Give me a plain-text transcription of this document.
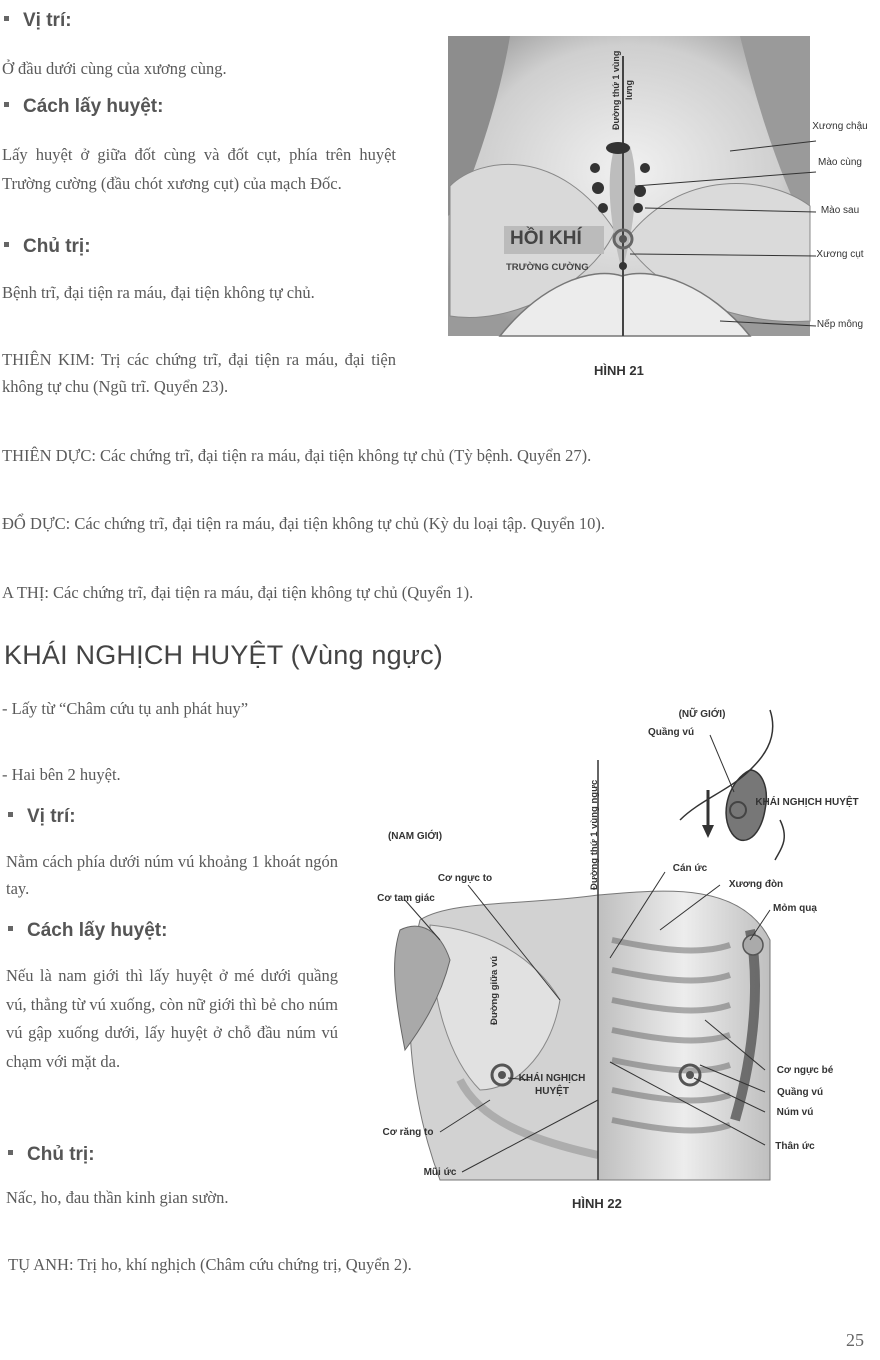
Vị trí:
Ở đầu dưới cùng của xương cùng.
Cách lấy huyệt:
Lấy huyệt ở giữa đốt cùng và đốt cụt, phía trên huyệt Trường cường (đầu chót xương cụt) của mạch Đốc.
Chủ trị:
Bệnh trĩ, đại tiện ra máu, đại tiện không tự chủ.
THIÊN KIM: Trị các chứng trĩ, đại tiện ra máu, đại tiện không tự chu (Ngũ trĩ. Quyển 23).
THIÊN DỰC: Các chứng trĩ, đại tiện ra máu, đại tiện không tự chủ (Tỳ bệnh. Quyển 27).
ĐỔ DỰC: Các chứng trĩ, đại tiện ra máu, đại tiện không tự chủ (Kỳ du loại tập. Quyển 10).
A THỊ: Các chứng trĩ, đại tiện ra máu, đại tiện không tự chủ (Quyển 1).
Đường thứ 1 vùng lưng
HỒI KHÍ
TRƯỜNG CƯỜNG
Xương chậu
Mào cùng
Mào sau
Xương cụt
Nếp mông
HÌNH 21
KHÁI NGHỊCH HUYỆT (Vùng ngực)
- Lấy từ “Châm cứu tụ anh phát huy”
- Hai bên 2 huyệt.
Vị trí:
Nằm cách phía dưới núm vú khoảng 1 khoát ngón tay.
Cách lấy huyệt:
Nếu là nam giới thì lấy huyệt ở mé dưới quầng vú, thẳng từ vú xuống, còn nữ giới thì bẻ cho núm vú gập xuống dưới, lấy huyệt ở chỗ đầu núm vú chạm với mặt da.
Chủ trị:
Nấc, ho, đau thần kinh gian sườn.
TỤ ANH: Trị ho, khí nghịch (Châm cứu chứng trị, Quyển 2).
(NỮ GIỚI)
Quầng vú
KHÁI NGHỊCH HUYỆT
(NAM GIỚI)	Đường thứ 1 vùng ngực
Đường giữa vú
Cơ ngực to
Cơ tam giác
Cán ức
Xương đòn
Mỏm quạ
KHÁI NGHỊCH HUYỆT
Cơ ngực bé
Quầng vú
Núm vú
Thân ức
Cơ răng to
Mũi ức
HÌNH 22
25
